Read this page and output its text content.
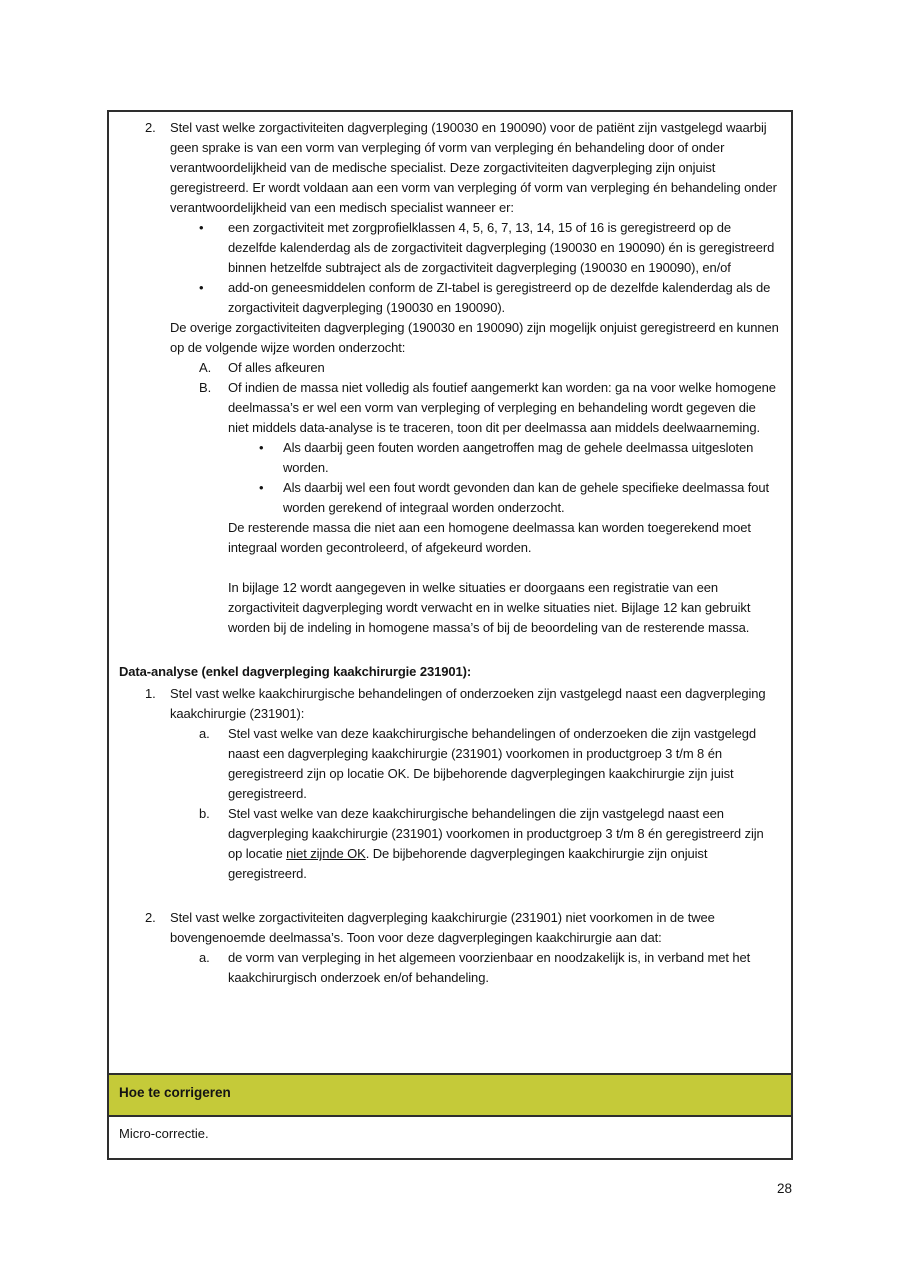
2.	Stel vast welke zorgactiviteiten dagverpleging (190030 en 190090) voor de patiënt zijn vastgelegd waarbij geen sprake is van een vorm van verpleging óf vorm van verpleging én behandeling door of onder verantwoordelijkheid van de medische specialist. Deze zorgactiviteiten dagverpleging zijn onjuist geregistreerd. Er wordt voldaan aan een vorm van verpleging óf vorm van verpleging én behandeling onder verantwoordelijkheid van een medisch specialist wanneer er:
•	een zorgactiviteit met zorgprofielklassen 4, 5, 6, 7, 13, 14, 15 of 16 is geregistreerd op de dezelfde kalenderdag als de zorgactiviteit dagverpleging (190030 en 190090) én is geregistreerd binnen hetzelfde subtraject als de zorgactiviteit dagverpleging (190030 en 190090), en/of
•	add-on geneesmiddelen conform de ZI-tabel is geregistreerd op de dezelfde kalenderdag als de zorgactiviteit dagverpleging (190030 en 190090).
De overige zorgactiviteiten dagverpleging (190030 en 190090) zijn mogelijk onjuist geregistreerd en kunnen op de volgende wijze worden onderzocht:
A.	Of alles afkeuren
B.	Of indien de massa niet volledig als foutief aangemerkt kan worden: ga na voor welke homogene deelmassa’s er wel een vorm van verpleging of verpleging en behandeling wordt gegeven die niet middels data-analyse is te traceren, toon dit per deelmassa aan middels deelwaarneming.
•	Als daarbij geen fouten worden aangetroffen mag de gehele deelmassa uitgesloten worden.
•	Als daarbij wel een fout wordt gevonden dan kan de gehele specifieke deelmassa fout worden gerekend of integraal worden onderzocht.
De resterende massa die niet aan een homogene deelmassa kan worden toegerekend moet integraal worden gecontroleerd, of afgekeurd worden.
In bijlage 12 wordt aangegeven in welke situaties er doorgaans een registratie van een zorgactiviteit dagverpleging wordt verwacht en in welke situaties niet. Bijlage 12 kan gebruikt worden bij de indeling in homogene massa’s of bij de beoordeling van de resterende massa.
Data-analyse (enkel dagverpleging kaakchirurgie 231901):
1.	Stel vast welke kaakchirurgische behandelingen of onderzoeken zijn vastgelegd naast een dagverpleging kaakchirurgie (231901):
a.	Stel vast welke van deze kaakchirurgische behandelingen of onderzoeken die zijn vastgelegd naast een dagverpleging kaakchirurgie (231901) voorkomen in productgroep 3 t/m 8 én geregistreerd zijn op locatie OK. De bijbehorende dagverplegingen kaakchirurgie zijn juist geregistreerd.
b.	Stel vast welke van deze kaakchirurgische behandelingen die zijn vastgelegd naast een dagverpleging kaakchirurgie (231901) voorkomen in productgroep 3 t/m 8 én geregistreerd zijn op locatie niet zijnde OK. De bijbehorende dagverplegingen kaakchirurgie zijn onjuist geregistreerd.
2.	Stel vast welke zorgactiviteiten dagverpleging kaakchirurgie (231901) niet voorkomen in de twee bovengenoemde deelmassa’s. Toon voor deze dagverplegingen kaakchirurgie aan dat:
a.	de vorm van verpleging in het algemeen voorzienbaar en noodzakelijk is, in verband met het kaakchirurgisch onderzoek en/of behandeling.
Hoe te corrigeren
Micro-correctie.
28
